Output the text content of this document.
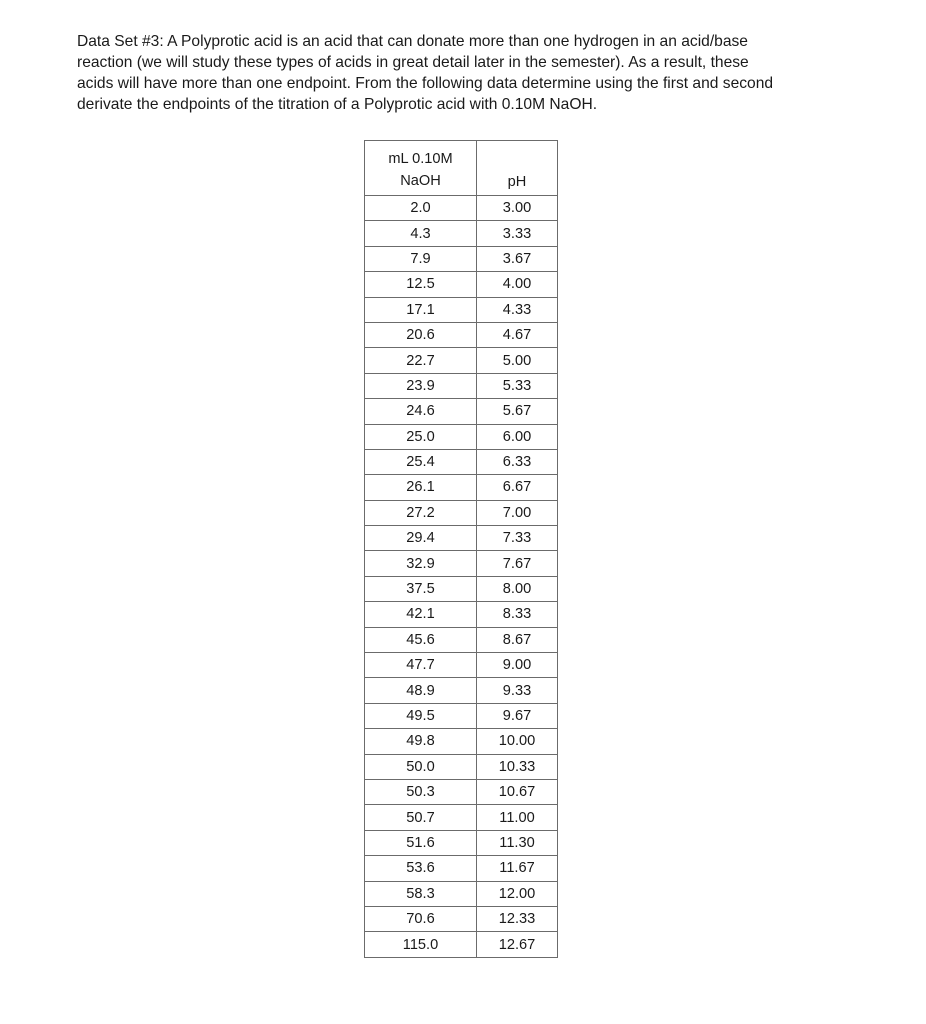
Data Set #3: A Polyprotic acid is an acid that can donate more than one hydrogen in an acid/base
reaction (we will study these types of acids in great detail later in the semester). As a result, these
acids will have more than one endpoint. From the following data determine using the first and second
derivate the endpoints of the titration of a Polyprotic acid with 0.10M NaOH.

mL 0.10M
NaOH	pH
2.0	3.00
4.3	3.33
7.9	3.67
12.5	4.00
17.1	4.33
20.6	4.67
22.7	5.00
23.9	5.33
24.6	5.67
25.0	6.00
25.4	6.33
26.1	6.67
27.2	7.00
29.4	7.33
32.9	7.67
37.5	8.00
42.1	8.33
45.6	8.67
47.7	9.00
48.9	9.33
49.5	9.67
49.8	10.00
50.0	10.33
50.3	10.67
50.7	11.00
51.6	11.30
53.6	11.67
58.3	12.00
70.6	12.33
115.0	12.67
